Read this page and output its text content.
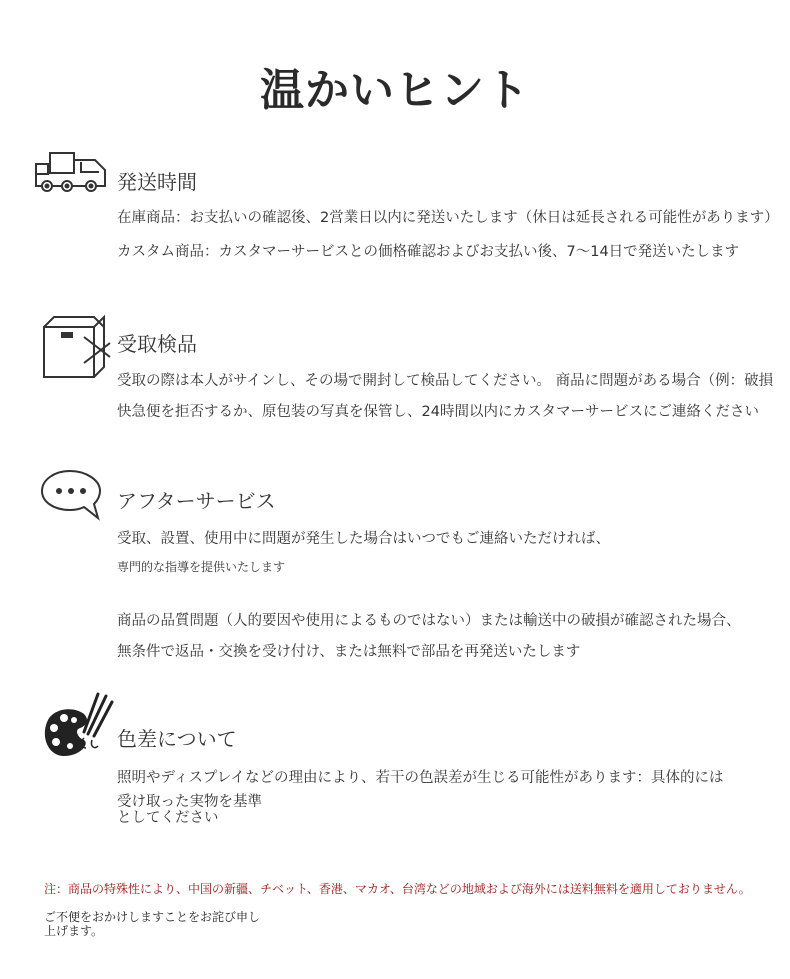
温かいヒント
発送時間
在庫商品：お支払いの確認後、2営業日以内に発送いたします（休日は延長される可能性があります）
カスタム商品：カスタマーサービスとの価格確認およびお支払い後、7〜14日で発送いたします
受取検品
受取の際は本人がサインし、その場で開封して検品してください。 商品に問題がある場合（例：破損
快急便を拒否するか、原包装の写真を保管し、24時間以内にカスタマーサービスにご連絡ください
アフターサービス
受取、設置、使用中に問題が発生した場合はいつでもご連絡いただければ、
専門的な指導を提供いたします
商品の品質問題（人的要因や使用によるものではない）または輸送中の破損が確認された場合、
無条件で返品・交換を受け付け、または無料で部品を再発送いたします
色差について
照明やディスプレイなどの理由により、若干の色誤差が生じる可能性があります：具体的には
受け取った実物を基準
としてください
注：商品の特殊性により、中国の新疆、チベット、香港、マカオ、台湾などの地域および海外には送料無料を適用しておりません。
ご不便をおかけしますことをお詫び申し
上げます。
